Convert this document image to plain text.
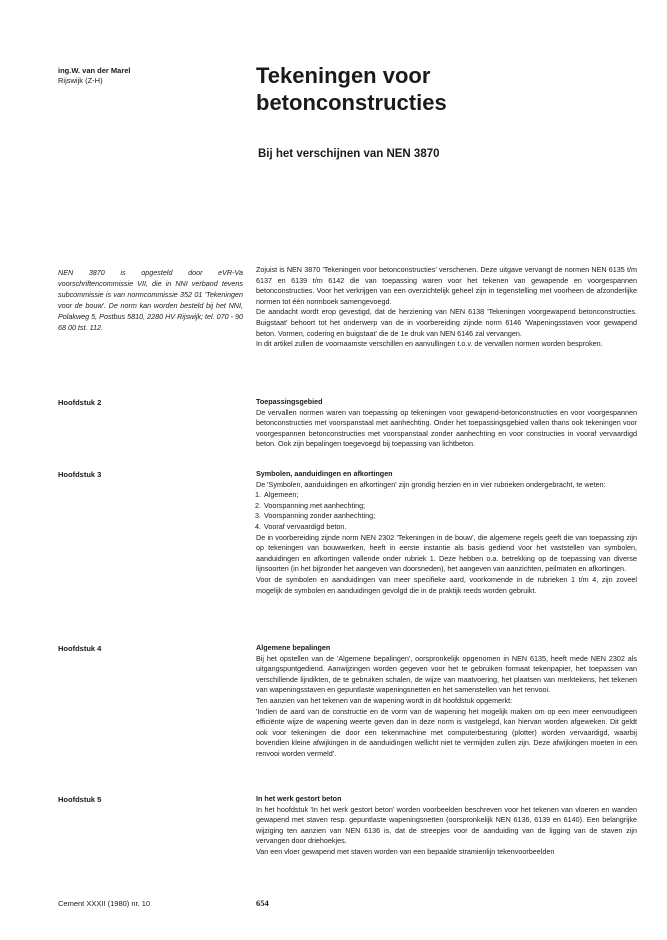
ing.W. van der Marel
Rijswijk (Z-H)	Tekeningen voor
betonconstructies
Bij het verschijnen van NEN 3870
NEN 3870 is opgesteld door eVR-Va voorschriftencommissie VII, die in NNI verband tevens subcommissie is van normcommissie 352 01 'Tekeningen voor de bouw'. De norm kan worden besteld bij het NNI, Polakweg 5, Postbus 5810, 2280 HV Rijswijk; tel. 070 - 90 68 00 tst. 112.

Zojuist is NEN 3870 'Tekeningen voor betonconstructies' verschenen. Deze uitgave vervangt de normen NEN 6135 t/m 6137 en 6139 t/m 6142 die van toepassing waren voor het tekenen van gewapende en voorgespannen betonconstructies. Voor het verkrijgen van een overzichtelijk geheel zijn in tegenstelling met voorheen de afzonderlijke normen tot één normboek samengevoegd.

De aandacht wordt erop gevestigd, dat de herziening van NEN 6138 'Tekeningen voorgewapend betonconstructies. Buigstaat' behoort tot het onderwerp van de in voorbereiding zijnde norm 6146 'Wapeningsstaven voor gewapend beton. Vormen, codering en buigstaat' die de 1e druk van NEN 6146 zal vervangen.

In dit artikel zullen de voornaamste verschillen en aanvullingen t.o.v. de vervallen normen worden besproken.

Hoofdstuk 2	Toepassingsgebied

De vervallen normen waren van toepassing op tekeningen voor gewapend-betonconstructies en voor voorgespannen betonconstructies met voorspanstaal met aanhechting. Onder het toepassingsgebied vallen thans ook tekeningen voor voorgespannen betonconstructies met voorspanstaal zonder aanhechting en voor constructies in vooraf vervaardigd beton. Ook zijn bepalingen toegevoegd bij toepassing van lichtbeton.

Hoofdstuk 3	Symbolen, aanduidingen en afkortingen

De 'Symbolen, aanduidingen en afkortingen' zijn grondig herzien en in vier rubrieken ondergebracht, te weten:

1. Algemeen;
2. Voorspanning met aanhechting;
3. Voorspanning zonder aanhechting;
4. Vooraf vervaardigd beton.

De in voorbereiding zijnde norm NEN 2302 'Tekeningen in de bouw', die algemene regels geeft die van toepassing zijn op tekeningen van bouwwerken, heeft in eerste instantie als basis gediend voor het vaststellen van symbolen, aanduidingen en afkortingen vallende onder rubriek 1. Deze hebben o.a. betrekking op de toepassing van diverse lijnsoorten (in het bijzonder het aangeven van doorsneden), het aangeven van aanzichten, peilmaten en afkortingen.

Voor de symbolen en aanduidingen van meer specifieke aard, voorkomende in de rubrieken 1 t/m 4, zijn zoveel mogelijk de symbolen en aanduidingen gevolgd die in de praktijk reeds worden gebruikt.

Hoofdstuk 4	Algemene bepalingen

Bij het opstellen van de 'Algemene bepalingen', oorspronkelijk opgenomen in NEN 6135, heeft mede NEN 2302 als uitgangspuntgediend. Aanwijzingen worden gegeven voor het te gebruiken formaat tekenpapier, het toepassen van verschillende lijndikten, de te gebruiken schalen, de wijze van maatvoering, het plaatsen van merktekens, het tekenen van wapeningsstaven en gepuntlaste wapeningsnetten en het samenstellen van het renvooi.

Ten aanzien van het tekenen van de wapening wordt in dit hoofdstuk opgemerkt:

'Indien de aard van de constructie en de vorm van de wapening het mogelijk maken om op een meer eenvoudigeen efficiënte wijze de wapening weerte geven dan in deze norm is vastgelegd, kan hiervan worden afgeweken. Dit geldt ook voor tekeningen die door een tekenmachine met computerbesturing (plotter) worden vervaardigd, waarbij bovendien kleine afwijkingen in de aanduidingen wellicht niet te vermijden zullen zijn. Deze afwijkingen moeten in een renvooi worden vermeld'.

Hoofdstuk 5	In het werk gestort beton

In het hoofdstuk 'In het werk gestort beton' worden voorbeelden beschreven voor het tekenen van vloeren en wanden gewapend met staven resp. gepuntlaste wapeningsnetten (oorspronkelijk NEN 6136, 6139 en 6140). Een belangrijke wijziging ten aanzien van NEN 6136 is, dat de streepjes voor de aanduiding van de ligging van de staven zijn vervangen door driehoekjes.

Van een vloer gewapend met staven worden van een bepaalde stramienlijn tekenvoorbeelden

Cement XXXII (1980) nr. 10	654
